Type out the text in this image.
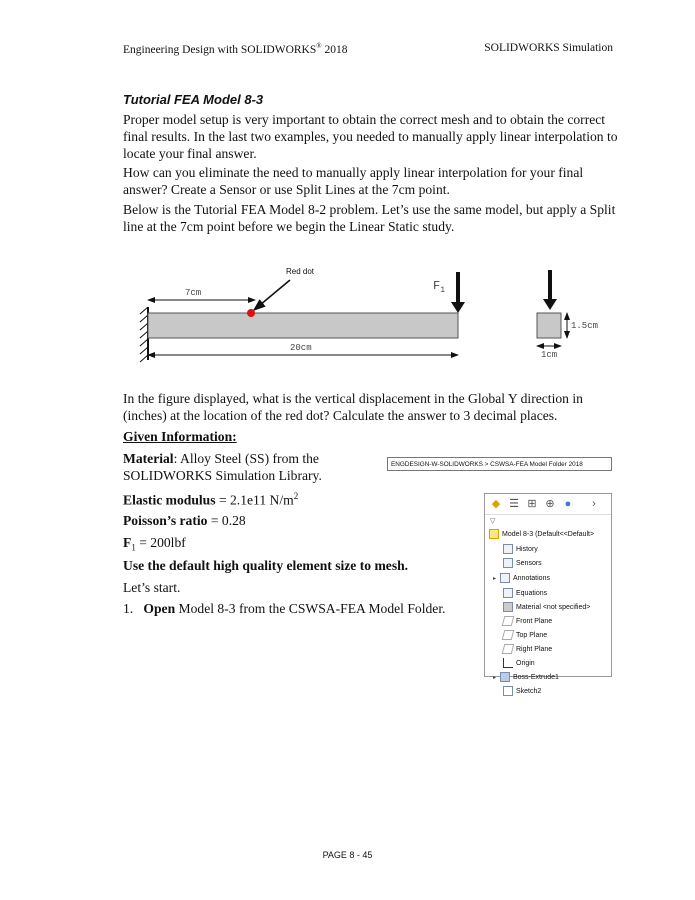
Engineering Design with SOLIDWORKS® 2018	SOLIDWORKS Simulation
Tutorial FEA Model 8-3

Proper model setup is very important to obtain the correct mesh and to obtain the correct final results. In the last two examples, you needed to manually apply linear interpolation to locate your final answer.

How can you eliminate the need to manually apply linear interpolation for your final answer? Create a Sensor or use Split Lines at the 7cm point.

Below is the Tutorial FEA Model 8-2 problem. Let’s use the same model, but apply a Split line at the 7cm point before we begin the Linear Static study.

7cm
Red dot
$F_1$
20cm
1.5cm
1cm

In the figure displayed, what is the vertical displacement in the Global Y direction in (inches) at the location of the red dot? Calculate the answer to 3 decimal places.

Given Information:

Material: Alloy Steel (SS) from the SOLIDWORKS Simulation Library.

Elastic modulus = 2.1e11 $N/m^2$
Poisson’s ratio = 0.28
$F_1 = 200lbf$
Use the default high quality element size to mesh.
Let’s start.
1. Open Model 8-3 from the CSWSA-FEA Model Folder.
ENGDESIGN-W-SOLIDWORKS > CSWSA-FEA Model Folder 2018
◆ ☰ ⊞ ⊕ ●	›
▽
Model 8-3 (Default<<Default>
History
Sensors
▸ Annotations
Equations
Material <not specified>
Front Plane
Top Plane
Right Plane
Origin
▸ Boss-Extrude1
Sketch2
PAGE 8 - 45
